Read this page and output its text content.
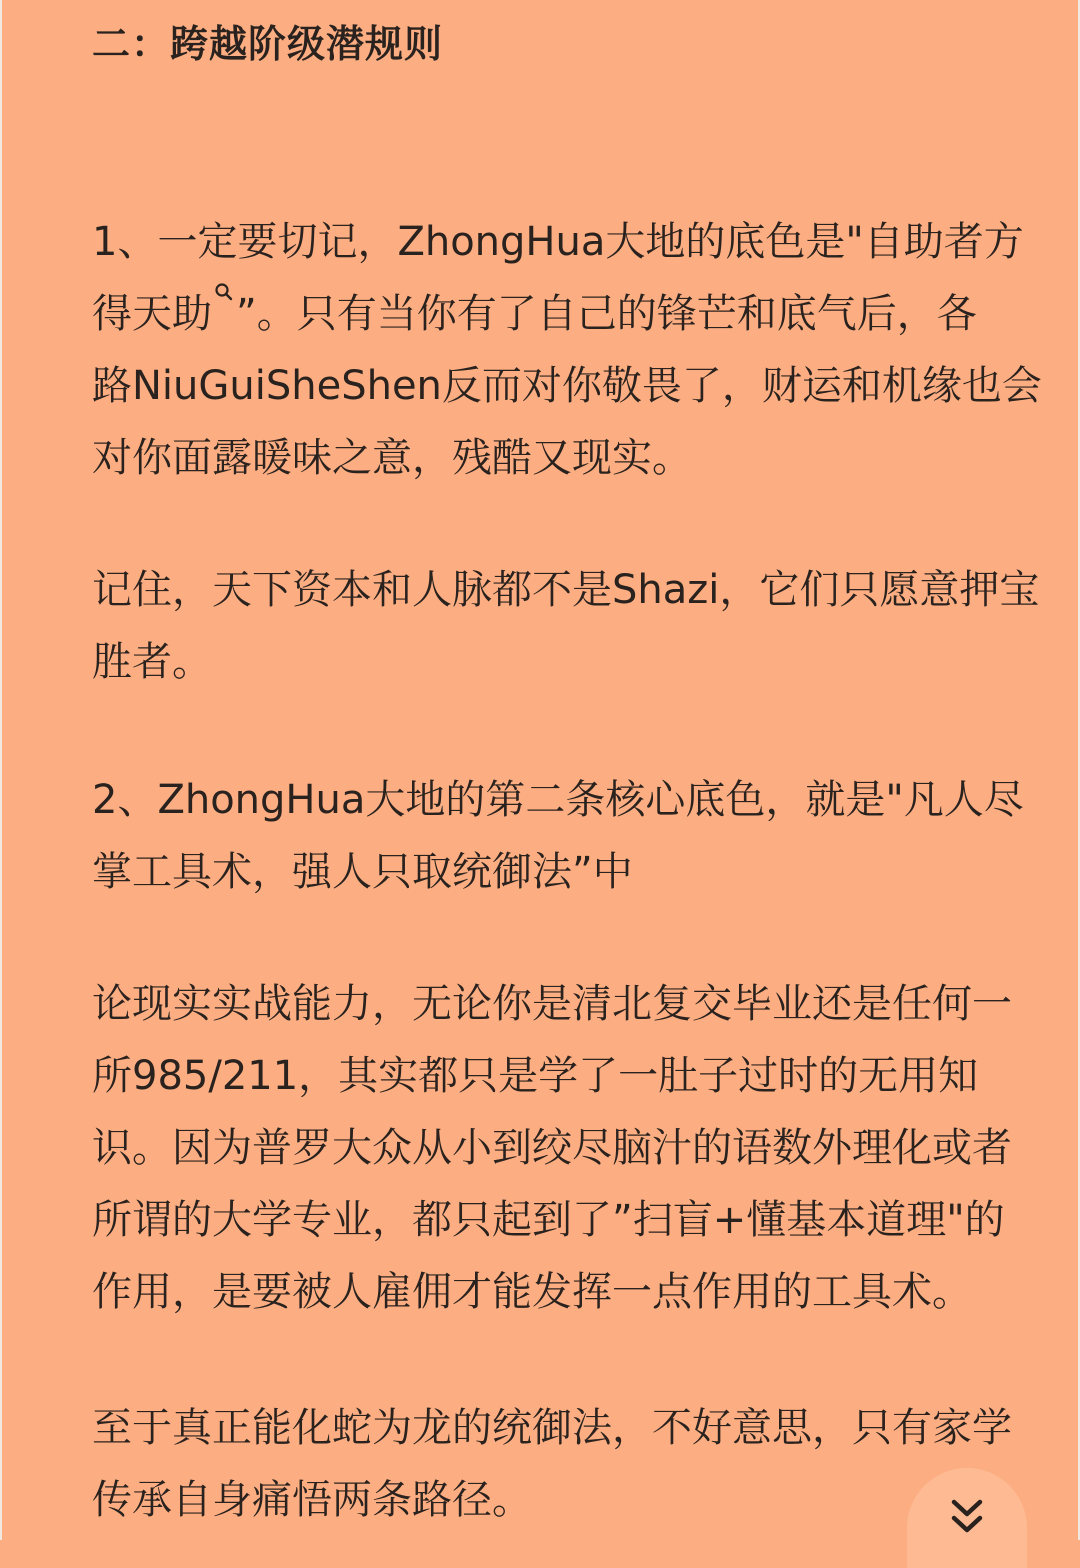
二：跨越阶级潜规则

1、一定要切记，ZhongHua大地的底色是"自助者方
得天助 ”。只有当你有了自己的锋芒和底气后，各
路NiuGuiSheShen反而对你敬畏了，财运和机缘也会
对你面露暖味之意，残酷又现实。

记住，天下资本和人脉都不是Shazi，它们只愿意押宝
胜者。

2、ZhongHua大地的第二条核心底色，就是"凡人尽
掌工具术，强人只取统御法”中

论现实实战能力，无论你是清北复交毕业还是任何一
所985/211，其实都只是学了一肚子过时的无用知
识。因为普罗大众从小到绞尽脑汁的语数外理化或者
所谓的大学专业，都只起到了”扫盲+懂基本道理"的
作用，是要被人雇佣才能发挥一点作用的工具术。

至于真正能化蛇为龙的统御法，不好意思，只有家学
传承自身痛悟两条路径。
